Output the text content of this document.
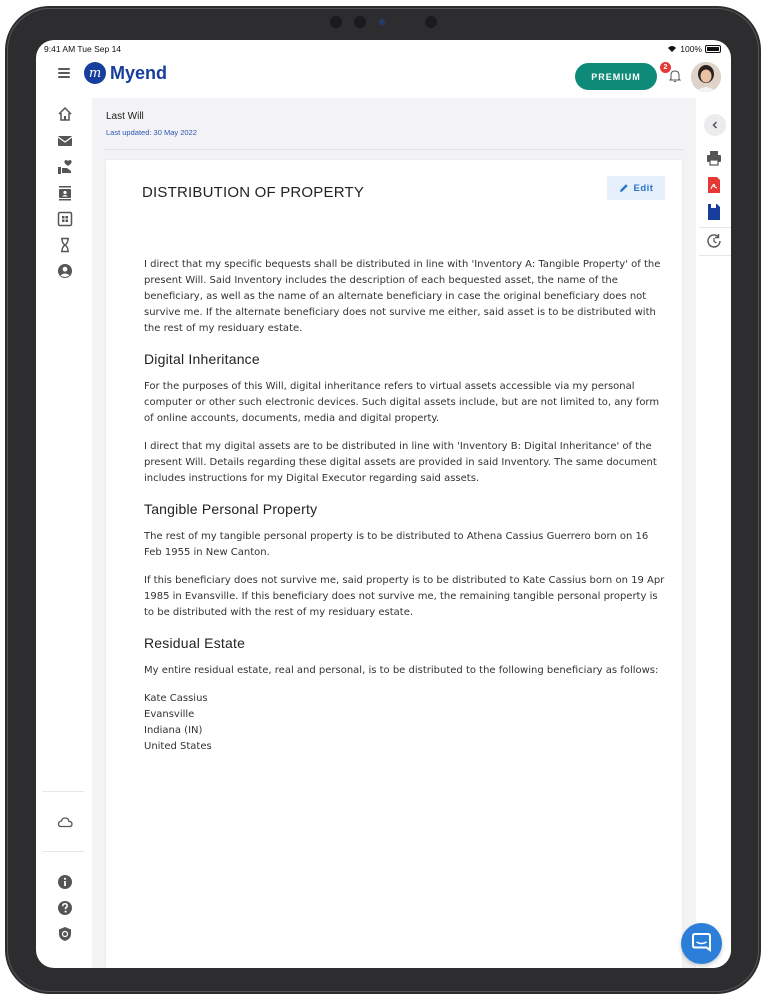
9:41 AM Tue Sep 14	100%
m Myend	PREMIUM
2
Last Will
Last updated: 30 May 2022
DISTRIBUTION OF PROPERTY	Edit

I direct that my specific bequests shall be distributed in line with 'Inventory A: Tangible Property' of the present Will. Said Inventory includes the description of each bequested asset, the name of the beneficiary, as well as the name of an alternate beneficiary in case the original beneficiary does not survive me. If the alternate beneficiary does not survive me either, said asset is to be distributed with the rest of my residuary estate.

Digital Inheritance

For the purposes of this Will, digital inheritance refers to virtual assets accessible via my personal computer or other such electronic devices. Such digital assets include, but are not limited to, any form of online accounts, documents, media and digital property.

I direct that my digital assets are to be distributed in line with 'Inventory B: Digital Inheritance' of the present Will. Details regarding these digital assets are provided in said Inventory. The same document includes instructions for my Digital Executor regarding said assets.

Tangible Personal Property

The rest of my tangible personal property is to be distributed to Athena Cassius Guerrero born on 16 Feb 1955 in New Canton.

If this beneficiary does not survive me, said property is to be distributed to Kate Cassius born on 19 Apr 1985 in Evansville. If this beneficiary does not survive me, the remaining tangible personal property is to be distributed with the rest of my residuary estate.

Residual Estate

My entire residual estate, real and personal, is to be distributed to the following beneficiary as follows:

Kate Cassius
Evansville
Indiana (IN)
United States
